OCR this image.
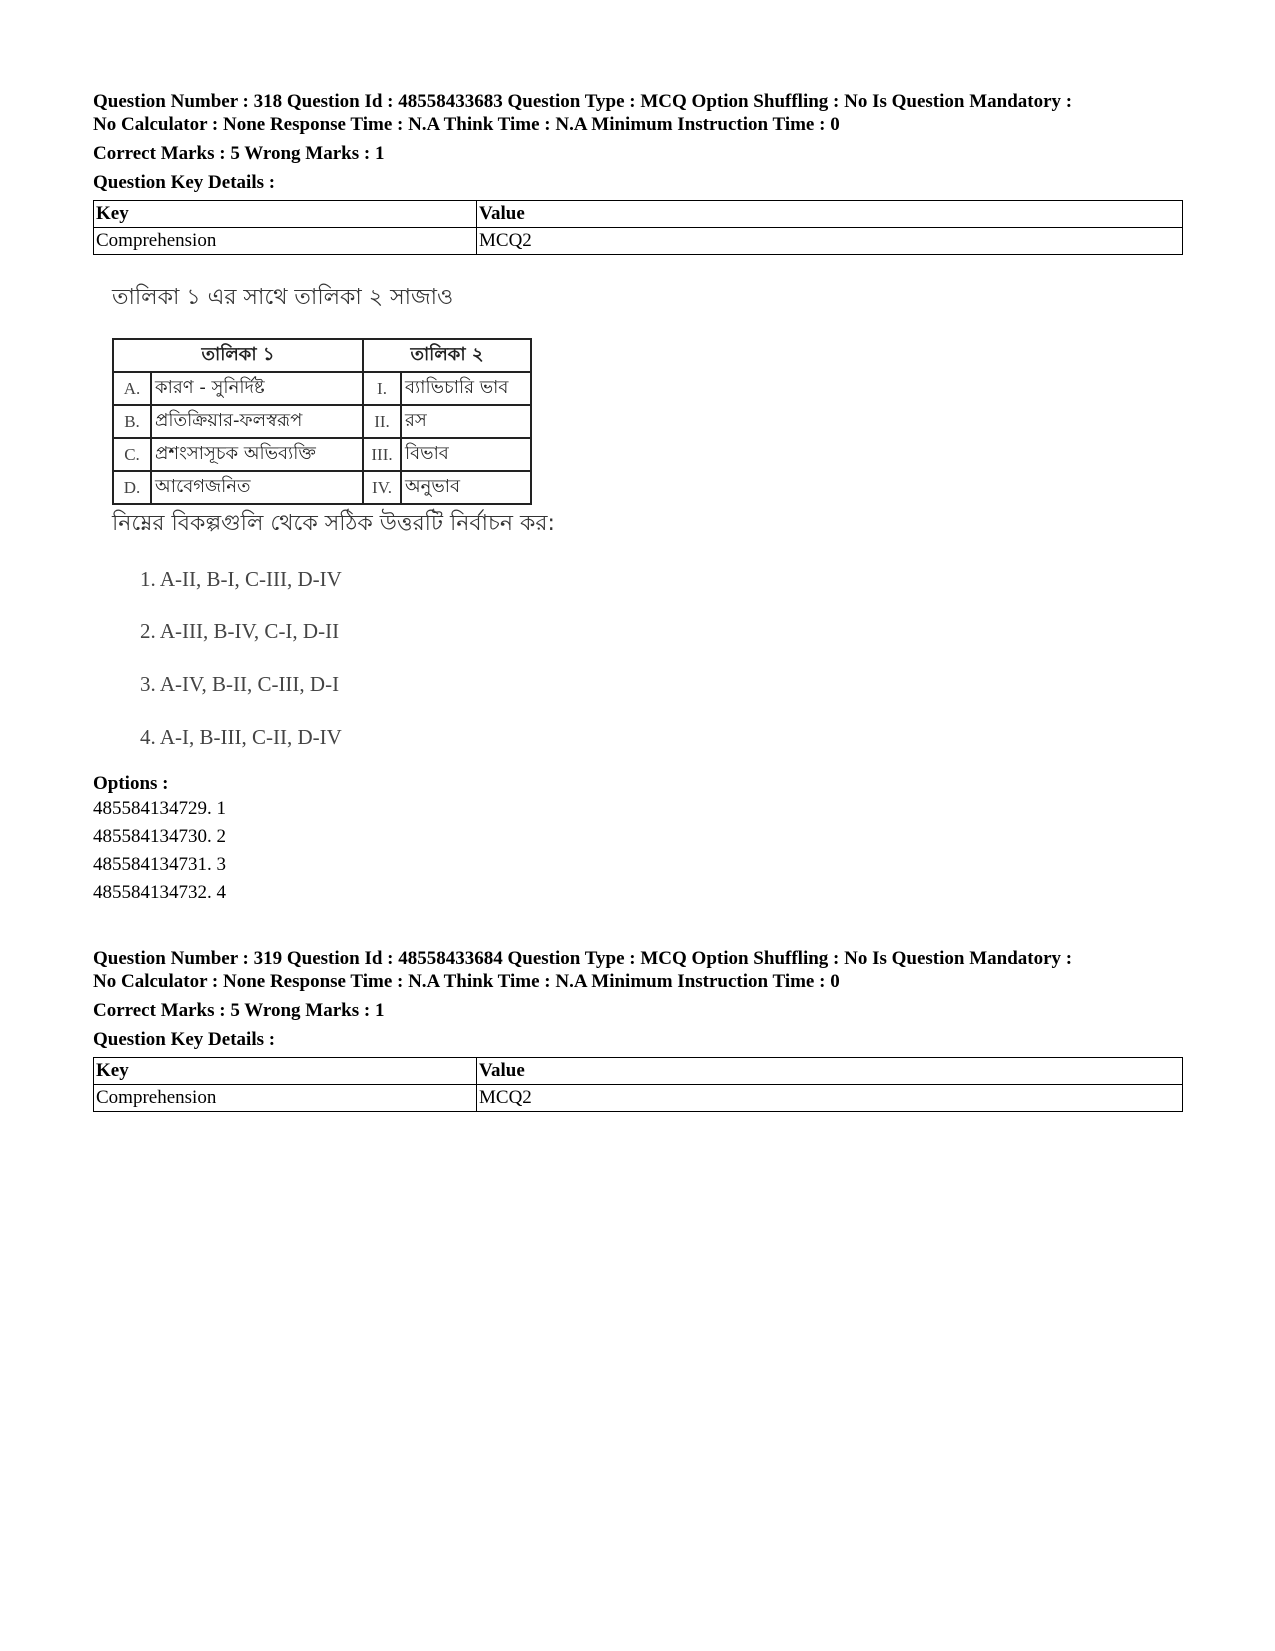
Question Number : 318 Question Id : 48558433683 Question Type : MCQ Option Shuffling : No Is Question Mandatory :

No Calculator : None Response Time : N.A Think Time : N.A Minimum Instruction Time : 0

Correct Marks : 5 Wrong Marks : 1

Question Key Details :

Key	Value
Comprehension	MCQ2
তালিকা ১ এর সাথে তালিকা ২ সাজাও
তালিকা ১		তালিকা ২	
A.	কারণ - সুনির্দিষ্ট	I.	ব্যাভিচারি ভাব
B.	প্রতিক্রিয়ার-ফলস্বরূপ	II.	রস
C.	প্রশংসাসূচক অভিব্যক্তি	III.	বিভাব
D.	আবেগজনিত	IV.	অনুভাব
নিম্নের বিকল্পগুলি থেকে সঠিক উত্তরটি নির্বাচন কর:
1. A-II, B-I, C-III, D-IV
2. A-III, B-IV, C-I, D-II
3. A-IV, B-II, C-III, D-I
4. A-I, B-III, C-II, D-IV

Options :

485584134729. 1

485584134730. 2

485584134731. 3

485584134732. 4

Question Number : 319 Question Id : 48558433684 Question Type : MCQ Option Shuffling : No Is Question Mandatory :

No Calculator : None Response Time : N.A Think Time : N.A Minimum Instruction Time : 0

Correct Marks : 5 Wrong Marks : 1

Question Key Details :

Key	Value
Comprehension	MCQ2
